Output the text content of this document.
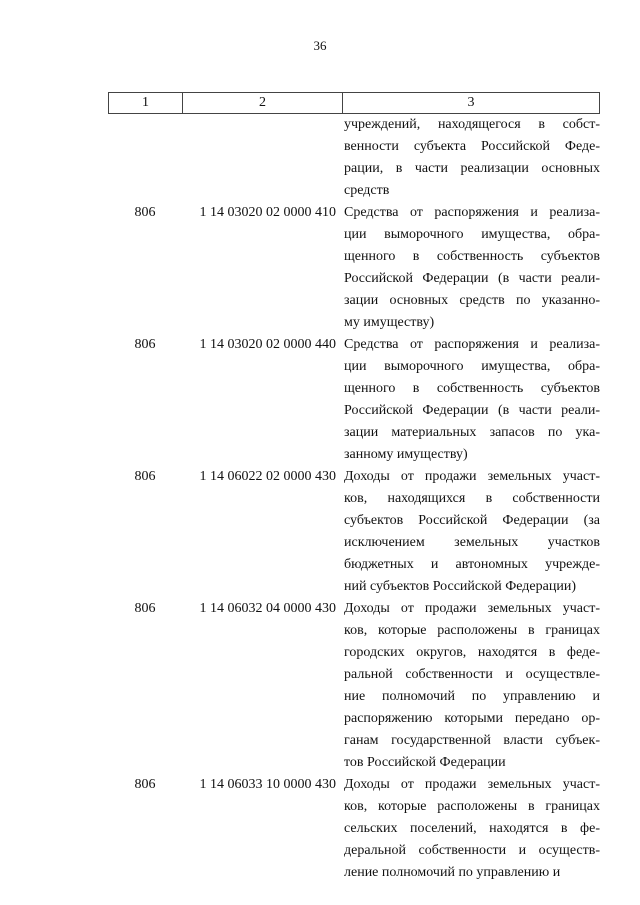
36
1	2	3
учреждений, находящегося в собст-
венности субъекта Российской Феде-
рации, в части реализации основных
средств
806	1 14 03020 02 0000 410 Средства от распоряжения и реализа-
ции выморочного имущества, обра-
щенного в собственность субъектов
Российской Федерации (в части реали-
зации основных средств по указанно-
му имуществу)
806	1 14 03020 02 0000 440 Средства от распоряжения и реализа-
ции выморочного имущества, обра-
щенного в собственность субъектов
Российской Федерации (в части реали-
зации материальных запасов по ука-
занному имуществу)
806	1 14 06022 02 0000 430 Доходы от продажи земельных участ-
ков, находящихся в собственности
субъектов Российской Федерации (за
исключением земельных участков
бюджетных и автономных учрежде-
ний субъектов Российской Федерации)
806	1 14 06032 04 0000 430 Доходы от продажи земельных участ-
ков, которые расположены в границах
городских округов, находятся в феде-
ральной собственности и осуществле-
ние полномочий по управлению и
распоряжению которыми передано ор-
ганам государственной власти субъек-
тов Российской Федерации
806	1 14 06033 10 0000 430 Доходы от продажи земельных участ-
ков, которые расположены в границах
сельских поселений, находятся в фе-
деральной собственности и осуществ-
ление полномочий по управлению и
